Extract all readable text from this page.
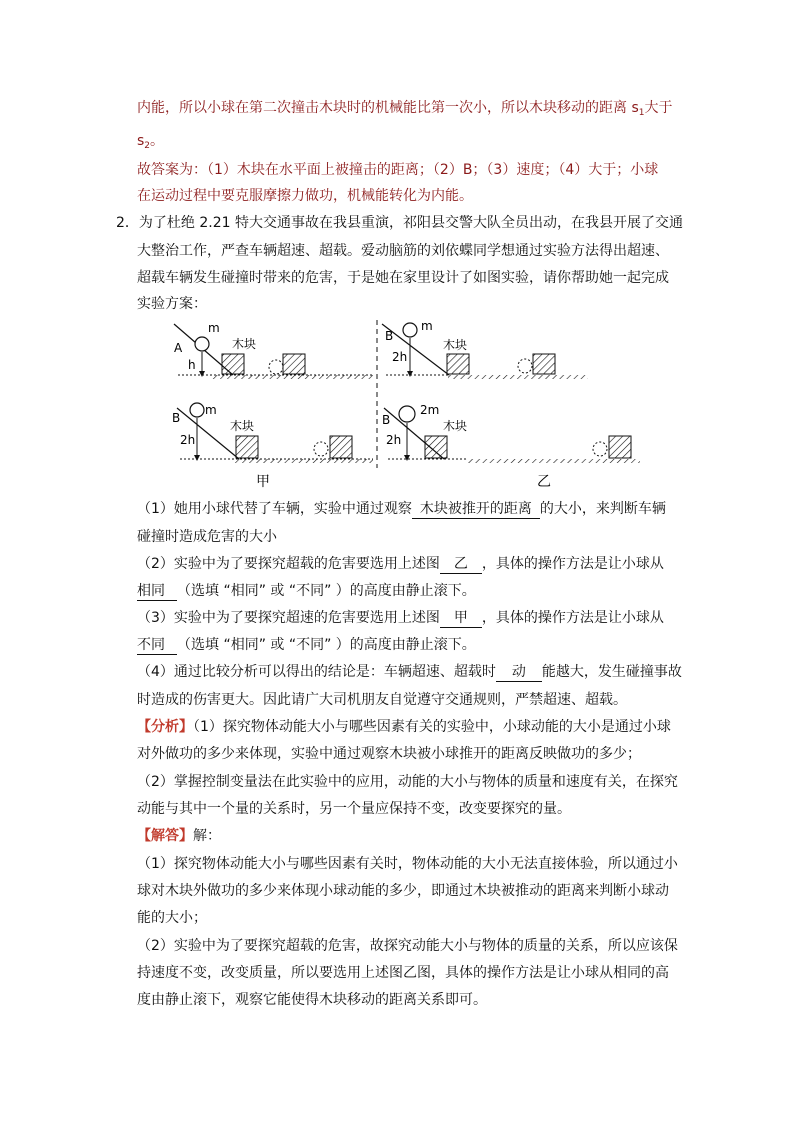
内能，所以小球在第二次撞击木块时的机械能比第一次小，所以木块移动的距离 $s_1$大于
$s_2$。
故答案为：（1）木块在水平面上被撞击的距离；（2）B；（3）速度；（4）大于；小球
在运动过程中要克服摩擦力做功，机械能转化为内能。
2．为了杜绝 2.21 特大交通事故在我县重演，祁阳县交警大队全员出动，在我县开展了交通
大整治工作，严查车辆超速、超载。爱动脑筋的刘依蝶同学想通过实验方法得出超速、
超载车辆发生碰撞时带来的危害，于是她在家里设计了如图实验，请你帮助她一起完成
实验方案：
m
A
h
木块
m
B
2h
木块
m
B
2h
木块
2m
B
2h
木块
甲	乙
（1）她用小球代替了车辆，实验中通过观察 木块被推开的距离 的大小，来判断车辆
碰撞时造成危害的大小
（2）实验中为了要探究超载的危害要选用上述图 乙 ，具体的操作方法是让小球从
相同 （选填 “相同” 或 “不同” ）的高度由静止滚下。
（3）实验中为了要探究超速的危害要选用上述图 甲 ，具体的操作方法是让小球从
不同 （选填 “相同” 或 “不同” ）的高度由静止滚下。
（4）通过比较分析可以得出的结论是：车辆超速、超载时 动 能越大，发生碰撞事故
时造成的伤害更大。因此请广大司机朋友自觉遵守交通规则，严禁超速、超载。
【分析】（1）探究物体动能大小与哪些因素有关的实验中，小球动能的大小是通过小球
对外做功的多少来体现，实验中通过观察木块被小球推开的距离反映做功的多少；
（2）掌握控制变量法在此实验中的应用，动能的大小与物体的质量和速度有关，在探究
动能与其中一个量的关系时，另一个量应保持不变，改变要探究的量。
【解答】解：
（1）探究物体动能大小与哪些因素有关时，物体动能的大小无法直接体验，所以通过小
球对木块外做功的多少来体现小球动能的多少，即通过木块被推动的距离来判断小球动
能的大小；
（2）实验中为了要探究超载的危害，故探究动能大小与物体的质量的关系，所以应该保
持速度不变，改变质量，所以要选用上述图乙图，具体的操作方法是让小球从相同的高
度由静止滚下，观察它能使得木块移动的距离关系即可。
